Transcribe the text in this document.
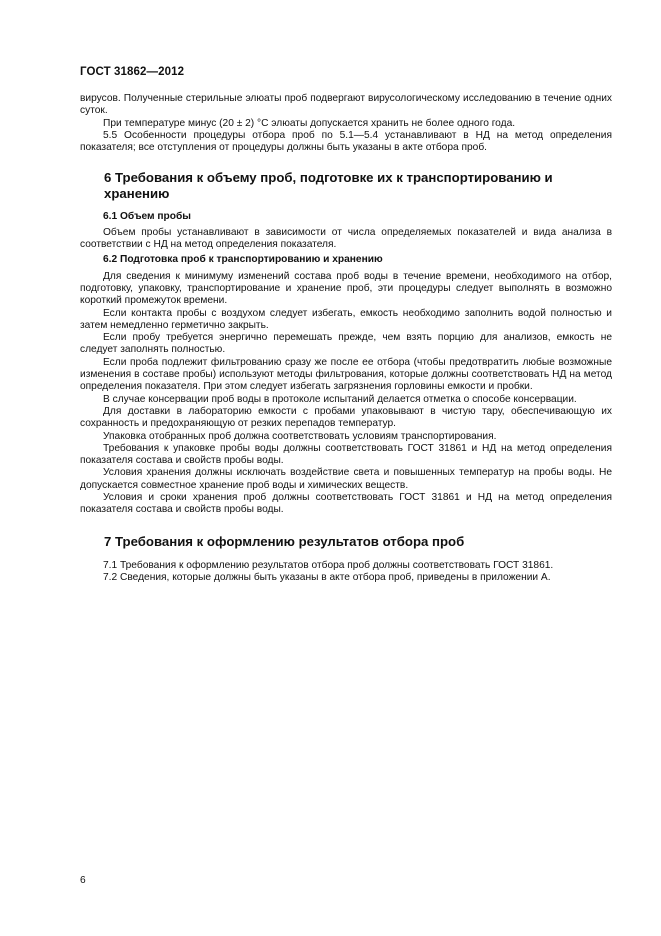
ГОСТ 31862—2012

вирусов. Полученные стерильные элюаты проб подвергают вирусологическому исследованию в течение одних суток.

При температуре минус (20 ± 2) °С элюаты допускается хранить не более одного года.

5.5 Особенности процедуры отбора проб по 5.1—5.4 устанавливают в НД на метод определения показателя; все отступления от процедуры должны быть указаны в акте отбора проб.

6 Требования к объему проб, подготовке их к транспортированию и хранению
6.1 Объем пробы

Объем пробы устанавливают в зависимости от числа определяемых показателей и вида анализа в соответствии с НД на метод определения показателя.

6.2 Подготовка проб к транспортированию и хранению

Для сведения к минимуму изменений состава проб воды в течение времени, необходимого на отбор, подготовку, упаковку, транспортирование и хранение проб, эти процедуры следует выполнять в возможно короткий промежуток времени.

Если контакта пробы с воздухом следует избегать, емкость необходимо заполнить водой полностью и затем немедленно герметично закрыть.

Если пробу требуется энергично перемешать прежде, чем взять порцию для анализов, емкость не следует заполнять полностью.

Если проба подлежит фильтрованию сразу же после ее отбора (чтобы предотвратить любые возможные изменения в составе пробы) используют методы фильтрования, которые должны соответствовать НД на метод определения показателя. При этом следует избегать загрязнения горловины емкости и пробки.

В случае консервации проб воды в протоколе испытаний делается отметка о способе консервации.

Для доставки в лабораторию емкости с пробами упаковывают в чистую тару, обеспечивающую их сохранность и предохраняющую от резких перепадов температур.

Упаковка отобранных проб должна соответствовать условиям транспортирования.

Требования к упаковке пробы воды должны соответствовать ГОСТ 31861 и НД на метод определения показателя состава и свойств пробы воды.

Условия хранения должны исключать воздействие света и повышенных температур на пробы воды. Не допускается совместное хранение проб воды и химических веществ.

Условия и сроки хранения проб должны соответствовать ГОСТ 31861 и НД на метод определения показателя состава и свойств пробы воды.

7 Требования к оформлению результатов отбора проб

7.1 Требования к оформлению результатов отбора проб должны соответствовать ГОСТ 31861.

7.2 Сведения, которые должны быть указаны в акте отбора проб, приведены в приложении А.

6
